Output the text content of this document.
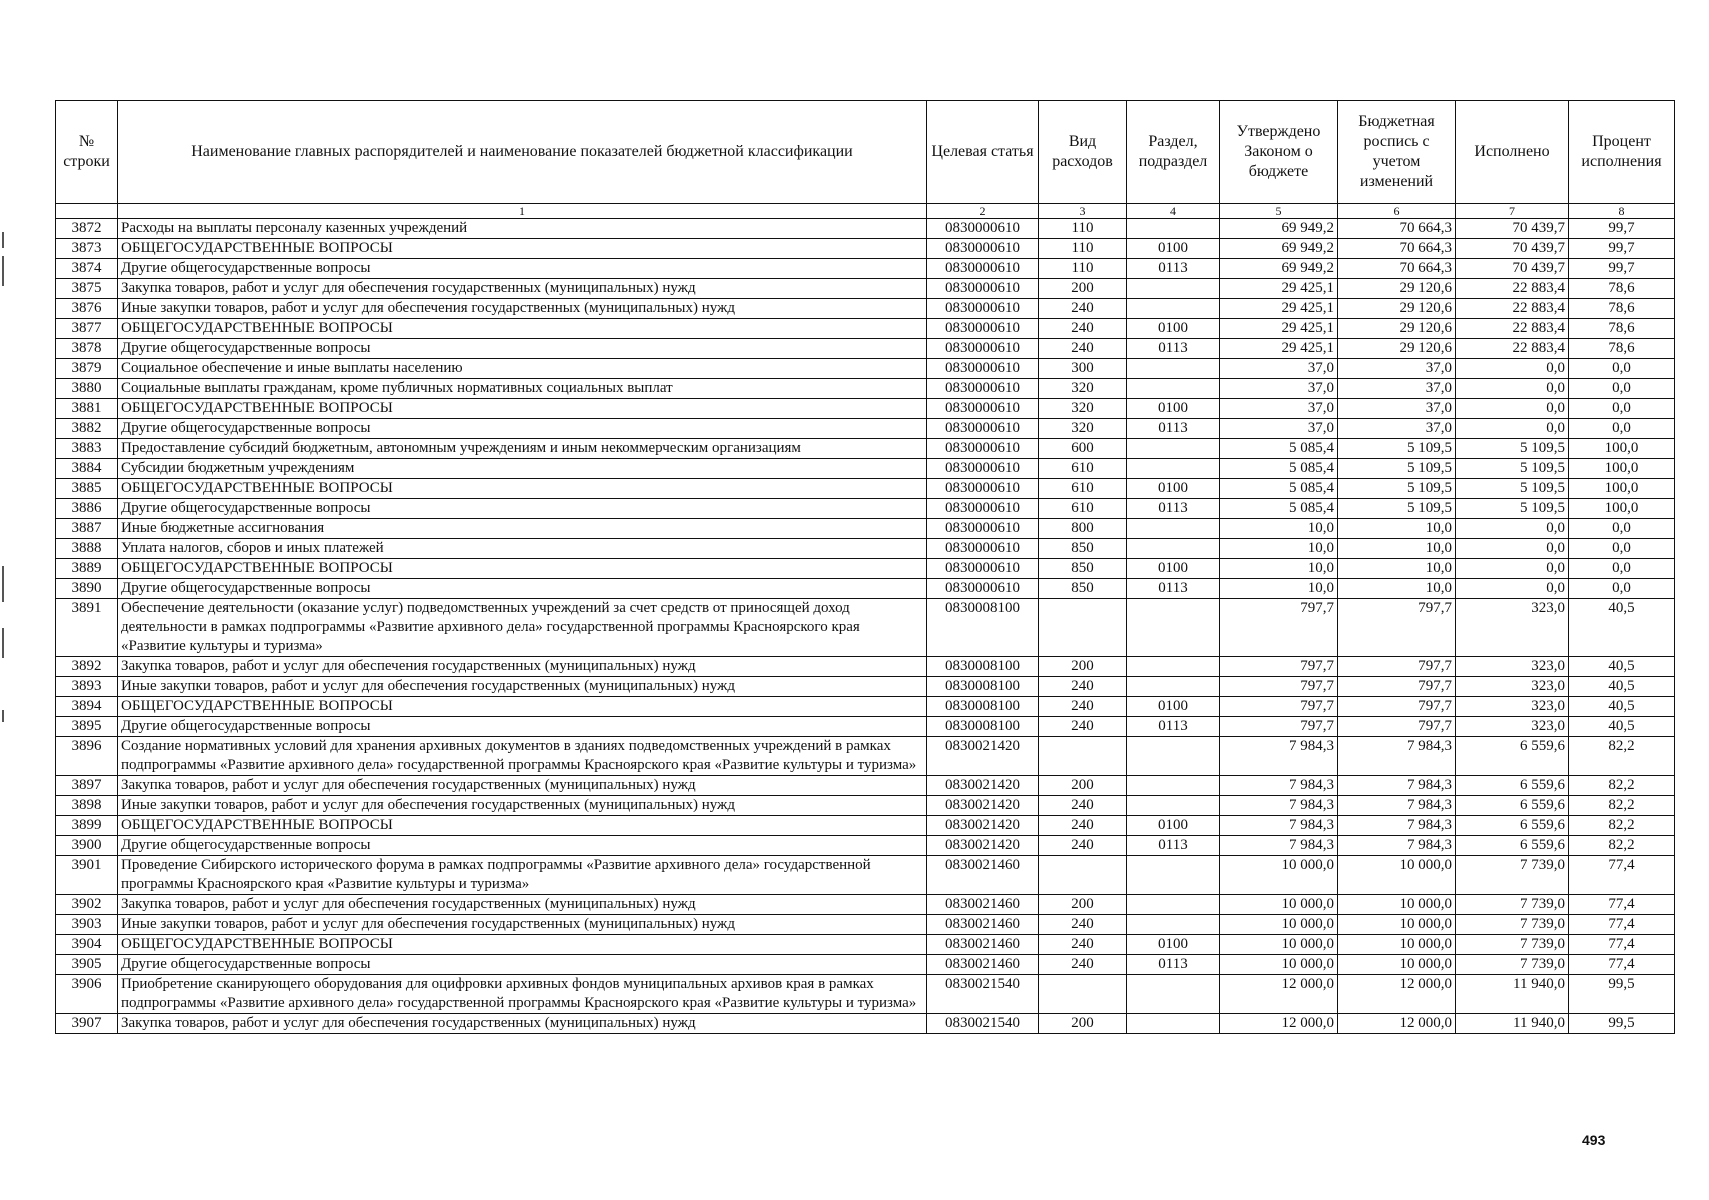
№ строки	Наименование главных распорядителей и наименование показателей бюджетной классификации	Целевая статья	Вид расходов	Раздел, подраздел	Утверждено Законом о бюджете	Бюджетная роспись с учетом изменений	Исполнено	Процент исполнения
	1	2	3	4	5	6	7	8
3872	Расходы на выплаты персоналу казенных учреждений	0830000610	110		69 949,2	70 664,3	70 439,7	99,7
3873	ОБЩЕГОСУДАРСТВЕННЫЕ ВОПРОСЫ	0830000610	110	0100	69 949,2	70 664,3	70 439,7	99,7
3874	Другие общегосударственные вопросы	0830000610	110	0113	69 949,2	70 664,3	70 439,7	99,7
3875	Закупка товаров, работ и услуг для обеспечения государственных (муниципальных) нужд	0830000610	200		29 425,1	29 120,6	22 883,4	78,6
3876	Иные закупки товаров, работ и услуг для обеспечения государственных (муниципальных) нужд	0830000610	240		29 425,1	29 120,6	22 883,4	78,6
3877	ОБЩЕГОСУДАРСТВЕННЫЕ ВОПРОСЫ	0830000610	240	0100	29 425,1	29 120,6	22 883,4	78,6
3878	Другие общегосударственные вопросы	0830000610	240	0113	29 425,1	29 120,6	22 883,4	78,6
3879	Социальное обеспечение и иные выплаты населению	0830000610	300		37,0	37,0	0,0	0,0
3880	Социальные выплаты гражданам, кроме публичных нормативных социальных выплат	0830000610	320		37,0	37,0	0,0	0,0
3881	ОБЩЕГОСУДАРСТВЕННЫЕ ВОПРОСЫ	0830000610	320	0100	37,0	37,0	0,0	0,0
3882	Другие общегосударственные вопросы	0830000610	320	0113	37,0	37,0	0,0	0,0
3883	Предоставление субсидий бюджетным, автономным учреждениям и иным некоммерческим организациям	0830000610	600		5 085,4	5 109,5	5 109,5	100,0
3884	Субсидии бюджетным учреждениям	0830000610	610		5 085,4	5 109,5	5 109,5	100,0
3885	ОБЩЕГОСУДАРСТВЕННЫЕ ВОПРОСЫ	0830000610	610	0100	5 085,4	5 109,5	5 109,5	100,0
3886	Другие общегосударственные вопросы	0830000610	610	0113	5 085,4	5 109,5	5 109,5	100,0
3887	Иные бюджетные ассигнования	0830000610	800		10,0	10,0	0,0	0,0
3888	Уплата налогов, сборов и иных платежей	0830000610	850		10,0	10,0	0,0	0,0
3889	ОБЩЕГОСУДАРСТВЕННЫЕ ВОПРОСЫ	0830000610	850	0100	10,0	10,0	0,0	0,0
3890	Другие общегосударственные вопросы	0830000610	850	0113	10,0	10,0	0,0	0,0
3891	Обеспечение деятельности (оказание услуг) подведомственных учреждений за счет средств от приносящей доход деятельности в рамках подпрограммы «Развитие архивного дела» государственной программы Красноярского края «Развитие культуры и туризма»	0830008100			797,7	797,7	323,0	40,5
3892	Закупка товаров, работ и услуг для обеспечения государственных (муниципальных) нужд	0830008100	200		797,7	797,7	323,0	40,5
3893	Иные закупки товаров, работ и услуг для обеспечения государственных (муниципальных) нужд	0830008100	240		797,7	797,7	323,0	40,5
3894	ОБЩЕГОСУДАРСТВЕННЫЕ ВОПРОСЫ	0830008100	240	0100	797,7	797,7	323,0	40,5
3895	Другие общегосударственные вопросы	0830008100	240	0113	797,7	797,7	323,0	40,5
3896	Создание нормативных условий для хранения архивных документов в зданиях подведомственных учреждений в рамках подпрограммы «Развитие архивного дела» государственной программы Красноярского края «Развитие культуры и туризма»	0830021420			7 984,3	7 984,3	6 559,6	82,2
3897	Закупка товаров, работ и услуг для обеспечения государственных (муниципальных) нужд	0830021420	200		7 984,3	7 984,3	6 559,6	82,2
3898	Иные закупки товаров, работ и услуг для обеспечения государственных (муниципальных) нужд	0830021420	240		7 984,3	7 984,3	6 559,6	82,2
3899	ОБЩЕГОСУДАРСТВЕННЫЕ ВОПРОСЫ	0830021420	240	0100	7 984,3	7 984,3	6 559,6	82,2
3900	Другие общегосударственные вопросы	0830021420	240	0113	7 984,3	7 984,3	6 559,6	82,2
3901	Проведение Сибирского исторического форума в рамках подпрограммы «Развитие архивного дела» государственной программы Красноярского края «Развитие культуры и туризма»	0830021460			10 000,0	10 000,0	7 739,0	77,4
3902	Закупка товаров, работ и услуг для обеспечения государственных (муниципальных) нужд	0830021460	200		10 000,0	10 000,0	7 739,0	77,4
3903	Иные закупки товаров, работ и услуг для обеспечения государственных (муниципальных) нужд	0830021460	240		10 000,0	10 000,0	7 739,0	77,4
3904	ОБЩЕГОСУДАРСТВЕННЫЕ ВОПРОСЫ	0830021460	240	0100	10 000,0	10 000,0	7 739,0	77,4
3905	Другие общегосударственные вопросы	0830021460	240	0113	10 000,0	10 000,0	7 739,0	77,4
3906	Приобретение сканирующего оборудования для оцифровки архивных фондов муниципальных архивов края в рамках подпрограммы «Развитие архивного дела» государственной программы Красноярского края «Развитие культуры и туризма»	0830021540			12 000,0	12 000,0	11 940,0	99,5
3907	Закупка товаров, работ и услуг для обеспечения государственных (муниципальных) нужд	0830021540	200		12 000,0	12 000,0	11 940,0	99,5
493
